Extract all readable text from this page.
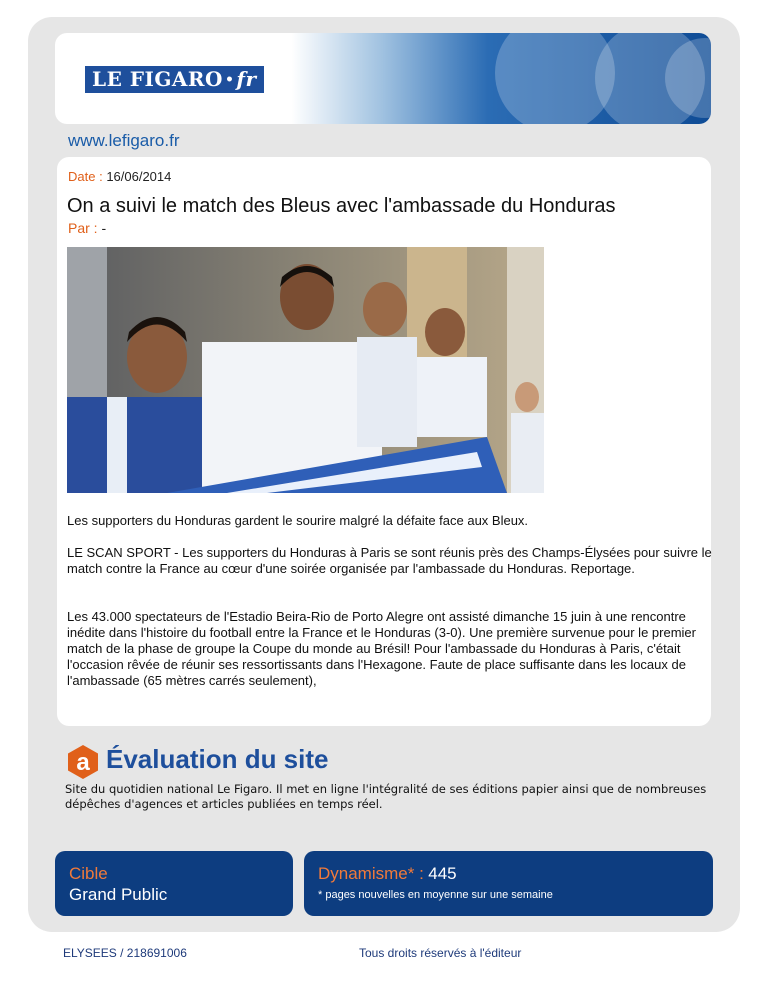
LE FIGARO • fr
www.lefigaro.fr
Date : 16/06/2014
On a suivi le match des Bleus avec l'ambassade du Honduras
Par : -
Les supporters du Honduras gardent le sourire malgré la défaite face aux Bleux.

LE SCAN SPORT - Les supporters du Honduras à Paris se sont réunis près des Champs-Élysées pour suivre le match contre la France au cœur d'une soirée organisée par l'ambassade du Honduras. Reportage.

Les 43.000 spectateurs de l'Estadio Beira-Rio de Porto Alegre ont assisté dimanche 15 juin à une rencontre inédite dans l'histoire du football entre la France et le Honduras (3-0). Une première survenue pour le premier match de la phase de groupe la Coupe du monde au Brésil! Pour l'ambassade du Honduras à Paris, c'était l'occasion rêvée de réunir ses ressortissants dans l'Hexagone. Faute de place suffisante dans les locaux de l'ambassade (65 mètres carrés seulement),

a Évaluation du site

Site du quotidien national Le Figaro. Il met en ligne l'intégralité de ses éditions papier ainsi que de nombreuses dépêches d'agences et articles publiées en temps réel.

Cible
Grand Public
Dynamisme* : 445
* pages nouvelles en moyenne sur une semaine
ELYSEES / 218691006	Tous droits réservés à l'éditeur
